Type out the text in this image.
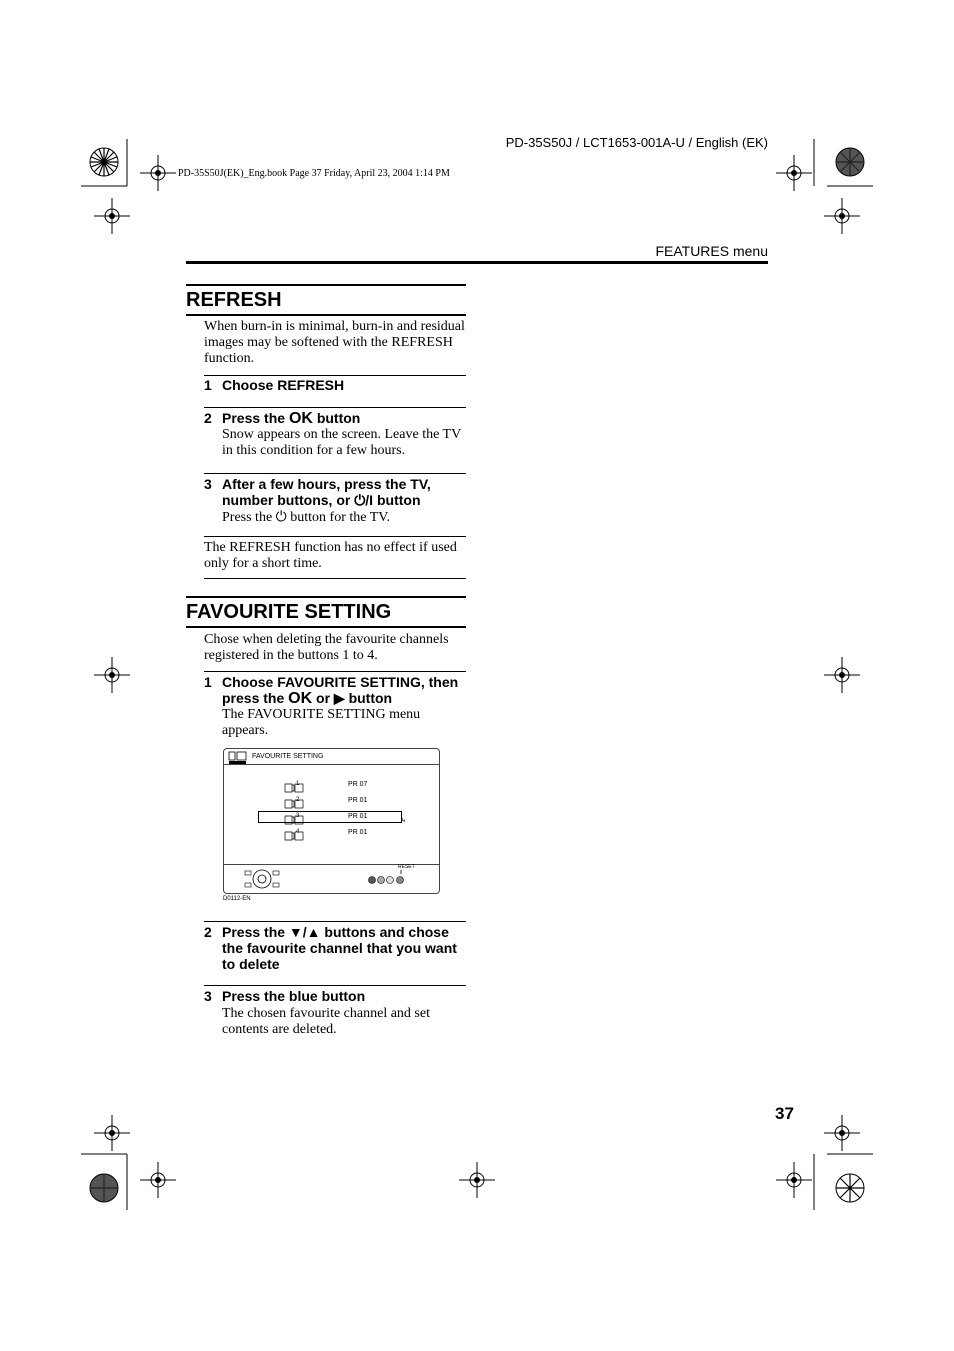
PD-35S50J / LCT1653-001A-U / English (EK)
PD-35S50J(EK)_Eng.book Page 37 Friday, April 23, 2004 1:14 PM
FEATURES menu
REFRESH
When burn-in is minimal, burn-in and residual images may be softened with the REFRESH function.
1 Choose REFRESH
2 Press the OK button
Snow appears on the screen. Leave the TV in this condition for a few hours.
3 After a few hours, press the TV, number buttons, or ⏻/I button
Press the ⏻ button for the TV.
The REFRESH function has no effect if used only for a short time.
FAVOURITE SETTING
Chose when deleting the favourite channels registered in the buttons 1 to 4.
1 Choose FAVOURITE SETTING, then press the OK or ▶ button
The FAVOURITE SETTING menu appears.
FAVOURITE SETTING
↳
1	PR 07
2	PR 01
3	PR 01
4	PR 01
RESET
D0112-EN
2 Press the ▼/▲ buttons and chose the favourite channel that you want to delete
3 Press the blue button
The chosen favourite channel and set contents are deleted.
37
